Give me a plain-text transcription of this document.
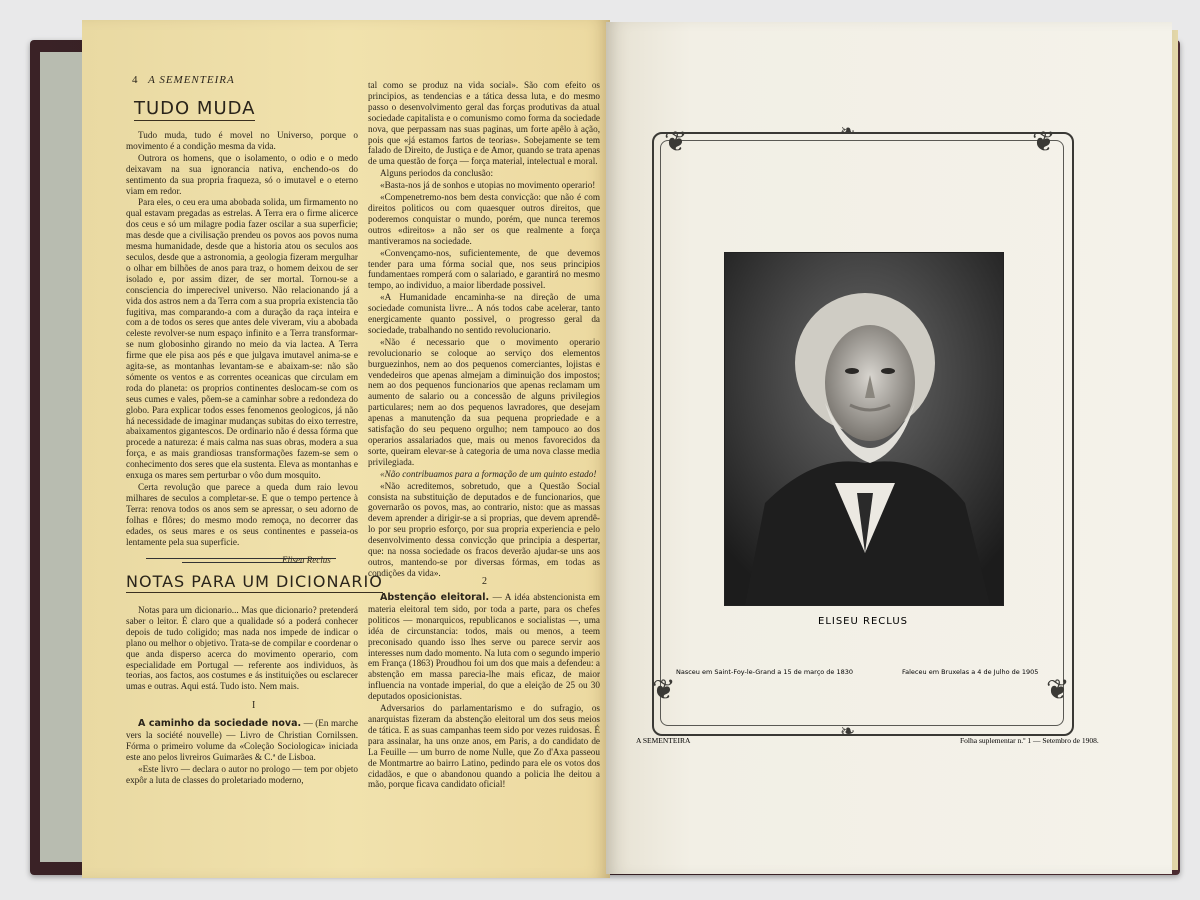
4 A SEMENTEIRA
TUDO MUDA

Tudo muda, tudo é movel no Universo, porque o movimento é a condição mesma da vida.

Outrora os homens, que o isolamento, o odio e o medo deixavam na sua ignorancia nativa, enchendo-os do sentimento da sua propria fraqueza, só o imutavel e o eterno viam em redor.

Para eles, o ceu era uma abobada solida, um firmamento no qual estavam pregadas as estrelas. A Terra era o firme alicerce dos ceus e só um milagre podia fazer oscilar a sua superficie; mas desde que a civilisação prendeu os povos aos povos numa mesma humanidade, desde que a historia atou os seculos aos seculos, desde que a astronomia, a geologia fizeram mergulhar o olhar em bilhões de anos para traz, o homem deixou de ser isolado e, por assim dizer, de ser mortal. Tornou-se a consciencia do imperecivel universo. Não relacionando já a vida dos astros nem a da Terra com a sua propria existencia tão fugitiva, mas comparando-a com a duração da raça inteira e com a de todos os seres que antes dele viveram, viu a abobada celeste revolver-se num espaço infinito e a Terra transformar-se num globosinho girando no meio da via lactea. A Terra firme que ele pisa aos pés e que julgava imutavel anima-se e agita-se, as montanhas levantam-se e abaixam-se: não são sómente os ventos e as correntes oceanicas que circulam em roda do planeta: os proprios continentes deslocam-se com os seus cumes e vales, põem-se a caminhar sobre a redondeza do globo. Para explicar todos esses fenomenos geologicos, já não há necessidade de imaginar mudanças subitas do eixo terrestre, abaixamentos gigantescos. De ordinario não é dessa fórma que procede a natureza: é mais calma nas suas obras, modera a sua força, e as mais grandiosas transformações fazem-se sem o conhecimento dos seres que ela sustenta. Eleva as montanhas e enxuga os mares sem perturbar o vôo dum mosquito.

Certa revolução que parece a queda dum raio levou milhares de seculos a completar-se. E que o tempo pertence à Terra: renova todos os anos sem se apressar, o seu adorno de folhas e flôres; do mesmo modo remoça, no decorrer das edades, os seus mares e os seus continentes e passeia-os lentamente pela sua superficie.

Eliseu Reclus
NOTAS PARA UM DICIONARIO

Notas para um dicionario... Mas que dicionario? pretenderá saber o leitor. É claro que a qualidade só a poderá conhecer depois de tudo coligido; mas nada nos impede de indicar o plano ou melhor o objetivo. Trata-se de compilar e coordenar o que anda disperso acerca do movimento operario, com especialidade em Portugal — referente aos individuos, às teorias, aos factos, aos costumes e ás instituições ou esclarecer umas e outras. Aqui está. Tudo isto. Nem mais.

I

A caminho da sociedade nova. — (En marche vers la société nouvelle) — Livro de Christian Cornilssen. Fórma o primeiro volume da «Coleção Sociologica» iniciada este ano pelos livreiros Guimarães & C.ª de Lisboa.

«Este livro — declara o autor no prologo — tem por objeto expôr a luta de classes do proletariado moderno,

tal como se produz na vida social». São com efeito os principios, as tendencias e a tática dessa luta, e do mesmo passo o desenvolvimento geral das forças produtivas da atual sociedade capitalista e o comunismo como forma da sociedade nova, que perpassam nas suas paginas, um forte apêlo à ação, pois que «já estamos fartos de teorias». Sobejamente se tem falado de Direito, de Justiça e de Amor, quando se trata apenas de uma questão de força — força material, intelectual e moral.

Alguns periodos da conclusão:

«Basta-nos já de sonhos e utopias no movimento operario!

«Compenetremo-nos bem desta convicção: que não é com direitos politicos ou com quaesquer outros direitos, que poderemos conquistar o mundo, porém, que nunca teremos outros «direitos» a não ser os que realmente a força mantiveramos na sociedade.

«Convençamo-nos, suficientemente, de que devemos tender para uma fórma social que, nos seus principios fundamentaes romperá com o salariado, e garantirá no mesmo tempo, ao individuo, a maior liberdade possivel.

«A Humanidade encaminha-se na direção de uma sociedade comunista livre... A nós todos cabe acelerar, tanto energicamente quanto possivel, o progresso geral da sociedade, trabalhando no sentido revolucionario.

«Não é necessario que o movimento operario revolucionario se coloque ao serviço dos elementos burguezinhos, nem ao dos pequenos comerciantes, lojistas e vendedeiros que apenas almejam a diminuição dos impostos; nem ao dos pequenos funcionarios que apenas reclamam um aumento de salario ou a concessão de alguns privilegios particulares; nem ao dos pequenos lavradores, que desejam apenas a manutenção da sua pequena propriedade e a satisfação do seu pequeno orgulho; nem tampouco ao dos operarios assalariados que, mais ou menos favorecidos da sorte, queiram elevar-se à categoria de uma nova classe media privilegiada.

«Não contribuamos para a formação de um quinto estado!

«Não acreditemos, sobretudo, que a Questão Social consista na substituição de deputados e de funcionarios, que governarão os povos, mas, ao contrario, nisto: que as massas devem aprender a dirigir-se a si proprias, que devem aprendê-lo por seu proprio esforço, por sua propria experiencia e pelo desenvolvimento dessa convicção que principia a despertar, que: na nossa sociedade os fracos deverão ajudar-se uns aos outros, mantendo-se por diversas fórmas, em todas as condições da vida».

2

Abstenção eleitoral. — A idéa abstencionista em materia eleitoral tem sido, por toda a parte, para os chefes politicos — monarquicos, republicanos e socialistas —, uma idéa de circunstancia: todos, mais ou menos, a teem preconisado quando isso lhes serve ou parece servir aos interesses num dado momento. Na luta com o segundo imperio em França (1863) Proudhou foi um dos que mais a defendeu: a abstenção em massa parecia-lhe mais eficaz, de maior influencia na vontade imperial, do que a eleição de 25 ou 30 deputados oposicionistas.

Adversarios do parlamentarismo e do sufragio, os anarquistas fizeram da abstenção eleitoral um dos seus meios de tática. E as suas campanhas teem sido por vezes ruidosas. É para assinalar, ha uns onze anos, em Paris, a do candidato de La Feuille — um burro de nome Nulle, que Zo d'Axa passeou de Montmartre ao bairro Latino, pedindo para ele os votos dos cidadãos, e que o abandonou quando a policia lhe deitou a mão, porque ficava candidato oficial!

❦	❦
❦	❦
❧
❧
ELISEU RECLUS
Nasceu em Saint-Foy-le-Grand a 15 de março de 1830	Faleceu em Bruxelas a 4 de Julho de 1905
A SEMENTEIRA	Folha suplementar n.º 1 — Setembro de 1908.
